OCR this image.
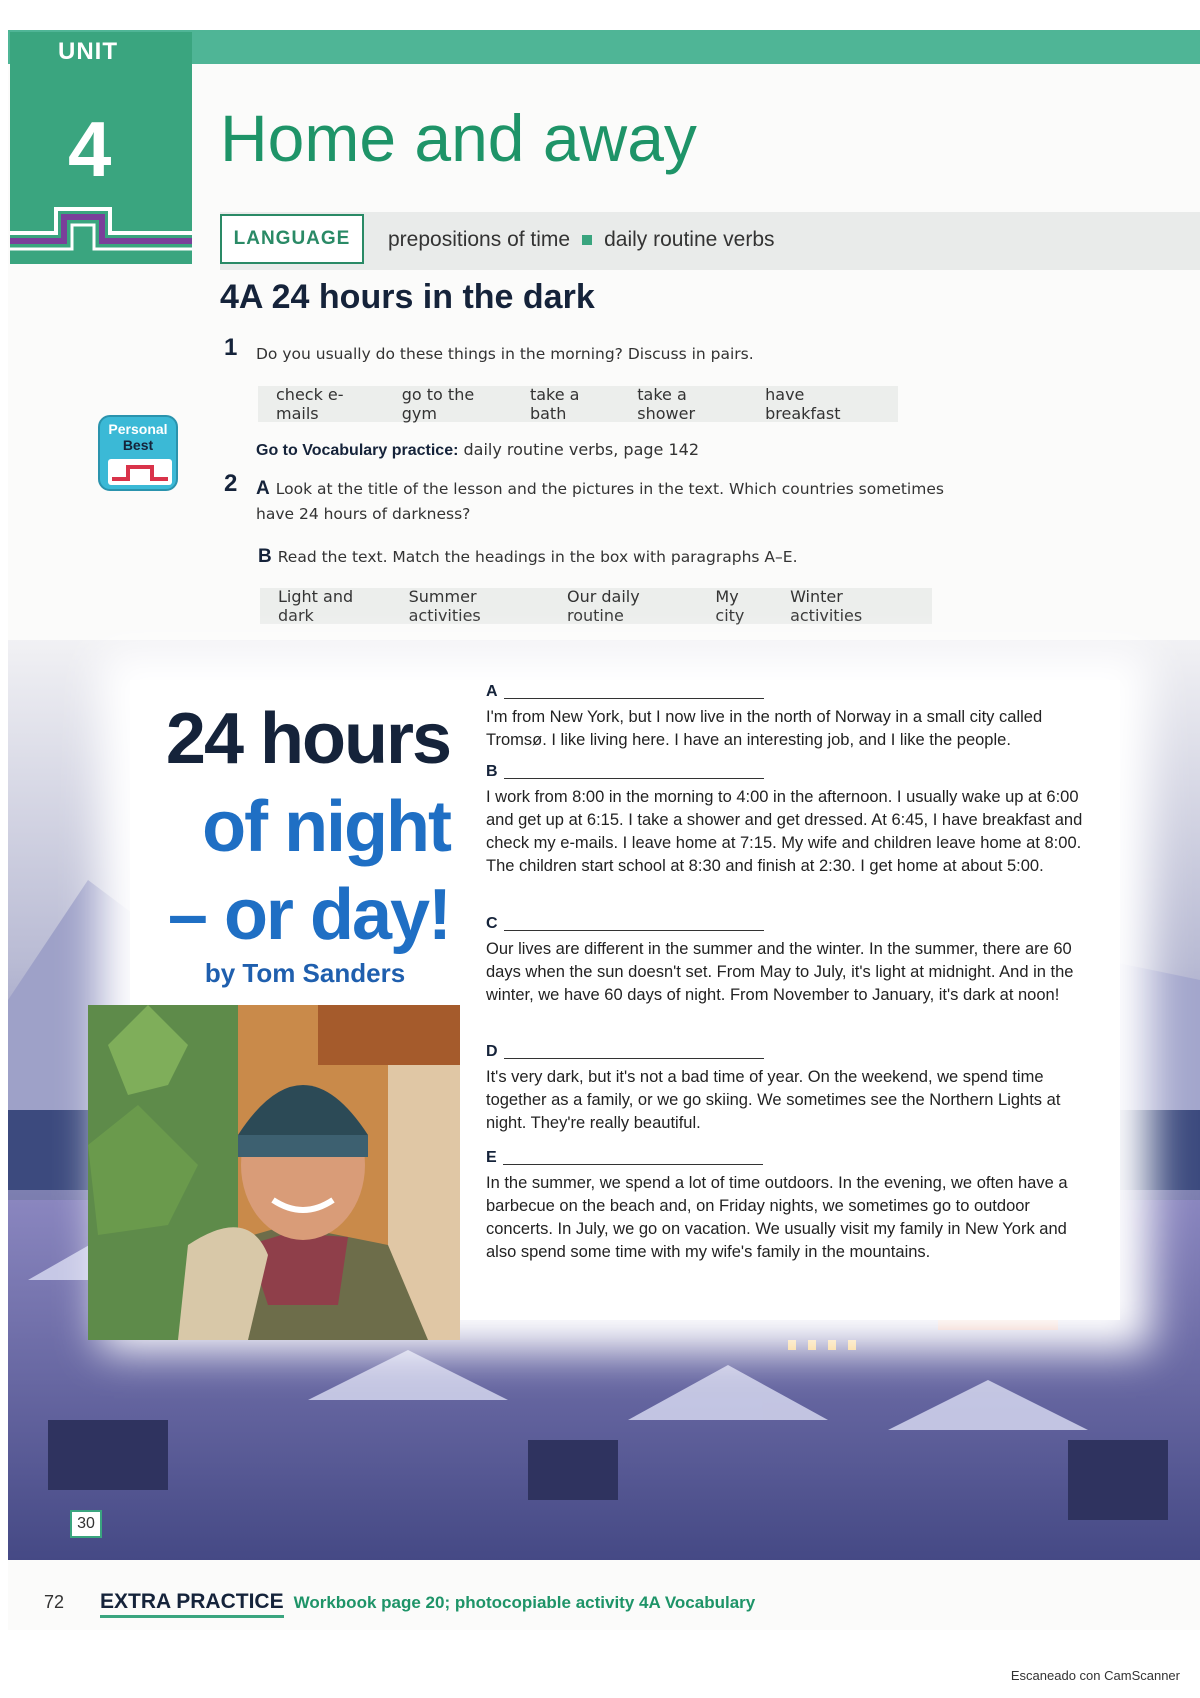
UNIT
4 Home and away
LANGUAGE	prepositions of time daily routine verbs
4A 24 hours in the dark
1 Do you usually do these things in the morning? Discuss in pairs.
check e-mails
go to the gym
take a bath
take a shower
have breakfast
Personal
Best	Go to Vocabulary practice: daily routine verbs, page 142
2 A Look at the title of the lesson and the pictures in the text. Which countries sometimes have 24 hours of darkness?
B Read the text. Match the headings in the box with paragraphs A–E.
Light and dark
Summer activities
Our daily routine
My city
Winter activities
24 hours
of night
– or day!
by Tom Sanders
A
I'm from New York, but I now live in the north of Norway in a small city called Tromsø. I like living here. I have an interesting job, and I like the people.
B
I work from 8:00 in the morning to 4:00 in the afternoon. I usually wake up at 6:00 and get up at 6:15. I take a shower and get dressed. At 6:45, I have breakfast and check my e-mails. I leave home at 7:15. My wife and children leave home at 8:00. The children start school at 8:30 and finish at 2:30. I get home at about 5:00.
C
Our lives are different in the summer and the winter. In the summer, there are 60 days when the sun doesn't set. From May to July, it's light at midnight. And in the winter, we have 60 days of night. From November to January, it's dark at noon!
D
It's very dark, but it's not a bad time of year. On the weekend, we spend time together as a family, or we go skiing. We sometimes see the Northern Lights at night. They're really beautiful.
E
In the summer, we spend a lot of time outdoors. In the evening, we often have a barbecue on the beach and, on Friday nights, we sometimes go to outdoor concerts. In July, we go on vacation. We usually visit my family in New York and also spend some time with my wife's family in the mountains.
30
72 EXTRA PRACTICE Workbook page 20; photocopiable activity 4A Vocabulary
Escaneado con CamScanner
